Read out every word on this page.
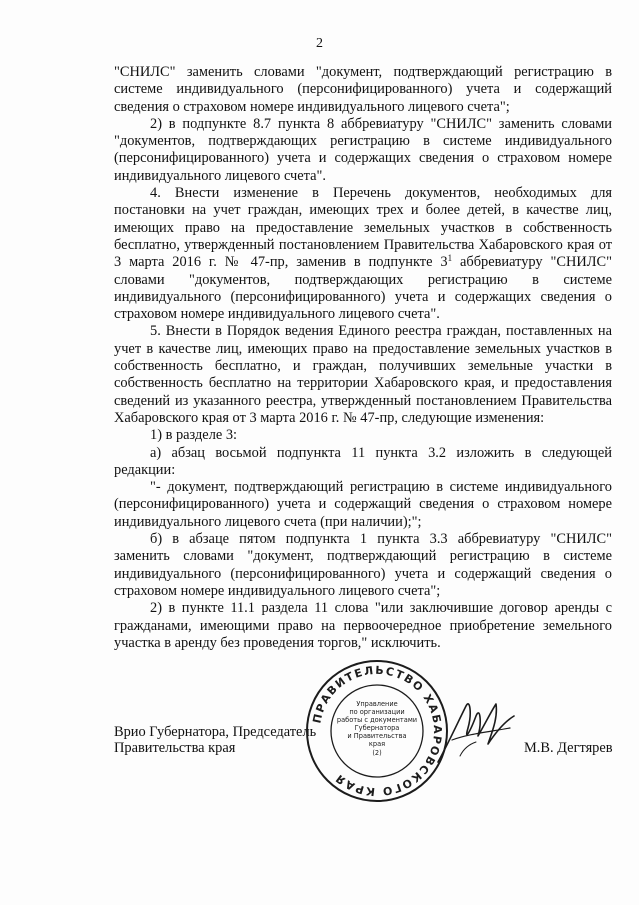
2

"СНИЛС" заменить словами "документ, подтверждающий регистрацию в системе индивидуального (персонифицированного) учета и содержащий сведения о страховом номере индивидуального лицевого счета";

2) в подпункте 8.7 пункта 8 аббревиатуру "СНИЛС" заменить словами "документов, подтверждающих регистрацию в системе индивидуального (персонифицированного) учета и содержащих сведения о страховом номере индивидуального лицевого счета".

4. Внести изменение в Перечень документов, необходимых для постановки на учет граждан, имеющих трех и более детей, в качестве лиц, имеющих право на предоставление земельных участков в собственность бесплатно, утвержденный постановлением Правительства Хабаровского края от 3 марта 2016 г. № 47-пр, заменив в подпункте $3^1$ аббревиатуру "СНИЛС" словами "документов, подтверждающих регистрацию в системе индивидуального (персонифицированного) учета и содержащих сведения о страховом номере индивидуального лицевого счета".

5. Внести в Порядок ведения Единого реестра граждан, поставленных на учет в качестве лиц, имеющих право на предоставление земельных участков в собственность бесплатно, и граждан, получивших земельные участки в собственность бесплатно на территории Хабаровского края, и предоставления сведений из указанного реестра, утвержденный постановлением Правительства Хабаровского края от 3 марта 2016 г. № 47-пр, следующие изменения:

1) в разделе 3:

а) абзац восьмой подпункта 11 пункта 3.2 изложить в следующей редакции:

"- документ, подтверждающий регистрацию в системе индивидуального (персонифицированного) учета и содержащий сведения о страховом номере индивидуального лицевого счета (при наличии);";

б) в абзаце пятом подпункта 1 пункта 3.3 аббревиатуру "СНИЛС" заменить словами "документ, подтверждающий регистрацию в системе индивидуального (персонифицированного) учета и содержащий сведения о страховом номере индивидуального лицевого счета";

2) в пункте 11.1 раздела 11 слова "или заключившие договор аренды с гражданами, имеющими право на первоочередное приобретение земельного участка в аренду без проведения торгов," исключить.

Врио Губернатора, Председатель
Правительства края
ПРАВИТЕЛЬСТВО ХАБАРОВСКОГО КРАЯ
Управление
по организации
работы с документами
Губернатора
и Правительства
края
(2)	М.В. Дегтярев
